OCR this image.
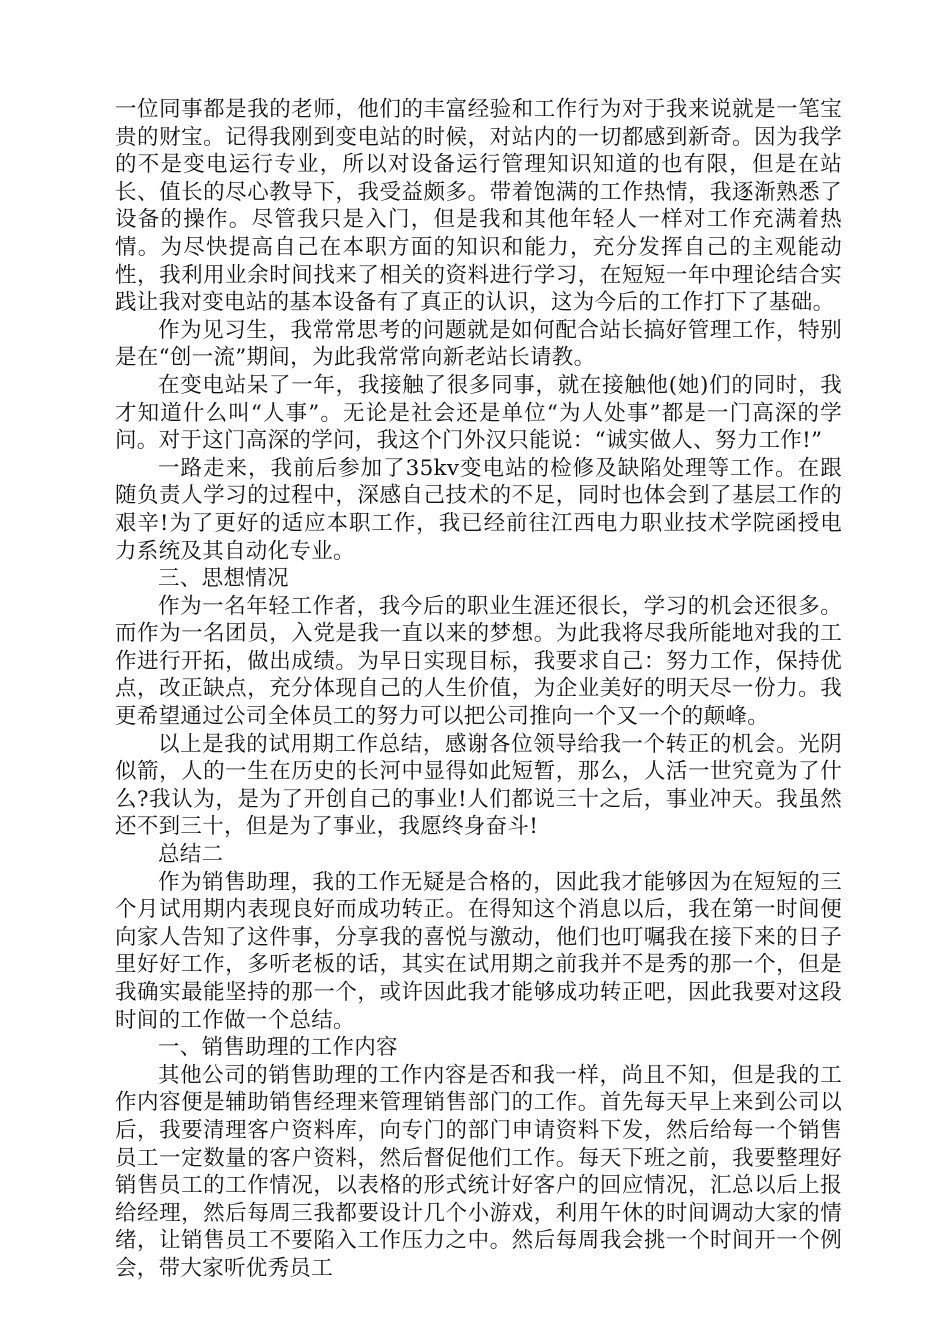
一位同事都是我的老师，他们的丰富经验和工作行为对于我来说就是一笔宝贵的财宝。记得我刚到变电站的时候，对站内的一切都感到新奇。因为我学的不是变电运行专业，所以对设备运行管理知识知道的也有限，但是在站长、值长的尽心教导下，我受益颇多。带着饱满的工作热情，我逐渐熟悉了设备的操作。尽管我只是入门，但是我和其他年轻人一样对工作充满着热情。为尽快提高自己在本职方面的知识和能力，充分发挥自己的主观能动性，我利用业余时间找来了相关的资料进行学习，在短短一年中理论结合实践让我对变电站的基本设备有了真正的认识，这为今后的工作打下了基础。

作为见习生，我常常思考的问题就是如何配合站长搞好管理工作，特别是在“创一流”期间，为此我常常向新老站长请教。

在变电站呆了一年，我接触了很多同事，就在接触他(她)们的同时，我才知道什么叫“人事”。无论是社会还是单位“为人处事”都是一门高深的学问。对于这门高深的学问，我这个门外汉只能说：“诚实做人、努力工作!”

一路走来，我前后参加了35kv变电站的检修及缺陷处理等工作。在跟随负责人学习的过程中，深感自己技术的不足，同时也体会到了基层工作的艰辛!为了更好的适应本职工作，我已经前往江西电力职业技术学院函授电力系统及其自动化专业。

三、思想情况

作为一名年轻工作者，我今后的职业生涯还很长，学习的机会还很多。而作为一名团员，入党是我一直以来的梦想。为此我将尽我所能地对我的工作进行开拓，做出成绩。为早日实现目标，我要求自己：努力工作，保持优点，改正缺点，充分体现自己的人生价值，为企业美好的明天尽一份力。我更希望通过公司全体员工的努力可以把公司推向一个又一个的颠峰。

以上是我的试用期工作总结，感谢各位领导给我一个转正的机会。光阴似箭，人的一生在历史的长河中显得如此短暂，那么，人活一世究竟为了什么?我认为，是为了开创自己的事业!人们都说三十之后，事业冲天。我虽然还不到三十，但是为了事业，我愿终身奋斗!

总结二

作为销售助理，我的工作无疑是合格的，因此我才能够因为在短短的三个月试用期内表现良好而成功转正。在得知这个消息以后，我在第一时间便向家人告知了这件事，分享我的喜悦与激动，他们也叮嘱我在接下来的日子里好好工作，多听老板的话，其实在试用期之前我并不是秀的那一个，但是我确实最能坚持的那一个，或许因此我才能够成功转正吧，因此我要对这段时间的工作做一个总结。

一、销售助理的工作内容

其他公司的销售助理的工作内容是否和我一样，尚且不知，但是我的工作内容便是辅助销售经理来管理销售部门的工作。首先每天早上来到公司以后，我要清理客户资料库，向专门的部门申请资料下发，然后给每一个销售员工一定数量的客户资料，然后督促他们工作。每天下班之前，我要整理好销售员工的工作情况，以表格的形式统计好客户的回应情况，汇总以后上报给经理，然后每周三我都要设计几个小游戏，利用午休的时间调动大家的情绪，让销售员工不要陷入工作压力之中。然后每周我会挑一个时间开一个例会，带大家听优秀员工
